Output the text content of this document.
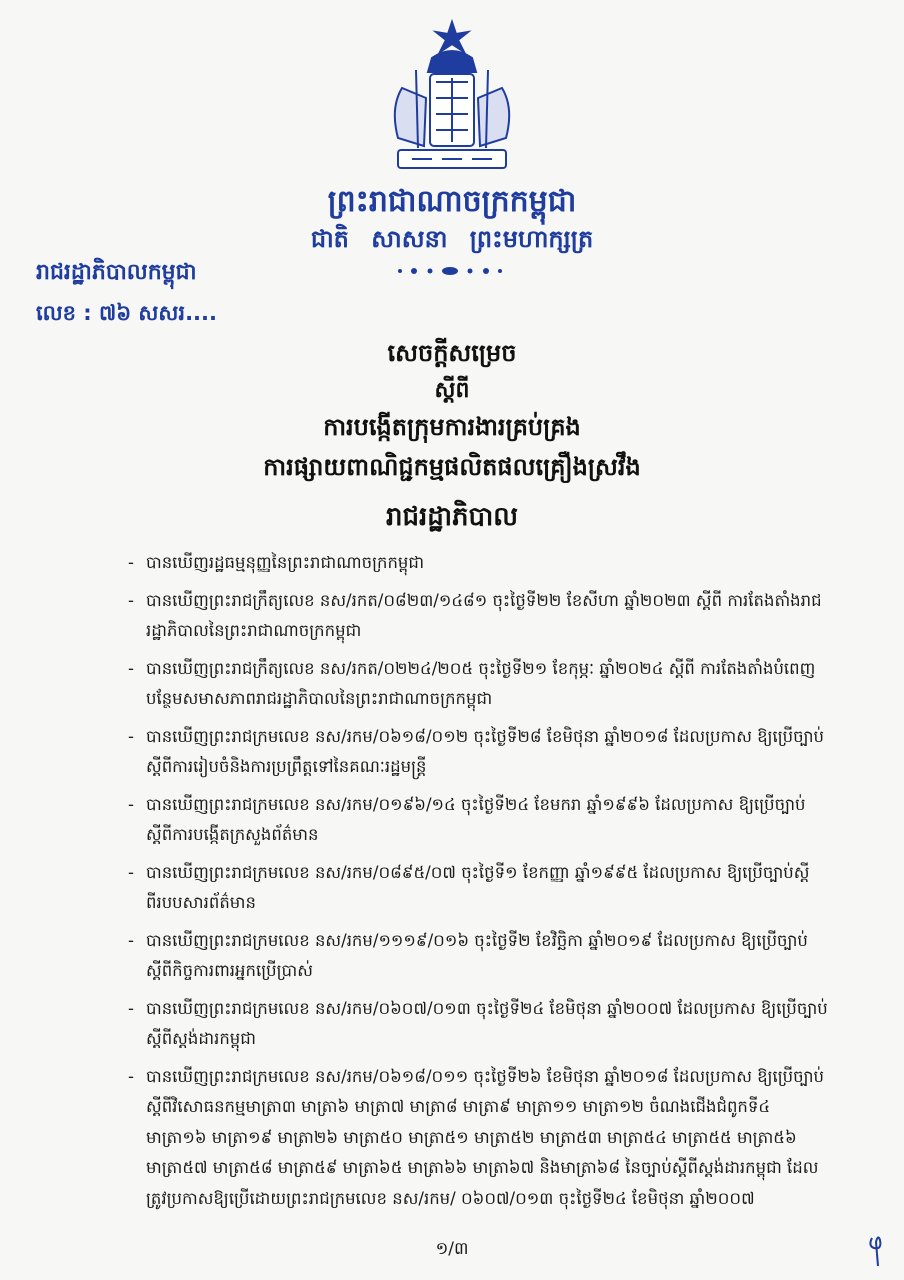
ព្រះរាជាណាចក្រកម្ពុជា
ជាតិ សាសនា ព្រះមហាក្សត្រ
រាជរដ្ឋាភិបាលកម្ពុជា
លេខ : ៧៦ សសរ....
សេចក្តីសម្រេច
ស្តីពី
ការបង្កើតក្រុមការងារគ្រប់គ្រង
ការផ្សាយពាណិជ្ជកម្មផលិតផលគ្រឿងស្រវឹង
រាជរដ្ឋាភិបាល
- បានឃើញរដ្ឋធម្មនុញ្ញនៃព្រះរាជាណាចក្រកម្ពុជា
- បានឃើញព្រះរាជក្រឹត្យលេខ នស/រកត/០៨២៣/១៤៨១ ចុះថ្ងៃទី២២ ខែសីហា ឆ្នាំ២០២៣ ស្តីពី ការតែងតាំងរាជរដ្ឋាភិបាលនៃព្រះរាជាណាចក្រកម្ពុជា
- បានឃើញព្រះរាជក្រឹត្យលេខ នស/រកត/០២២៤/២០៥ ចុះថ្ងៃទី២១ ខែកុម្ភៈ ឆ្នាំ២០២៤ ស្តីពី ការតែងតាំងបំពេញបន្ថែមសមាសភាពរាជរដ្ឋាភិបាលនៃព្រះរាជាណាចក្រកម្ពុជា
- បានឃើញព្រះរាជក្រមលេខ នស/រកម/០៦១៨/០១២ ចុះថ្ងៃទី២៨ ខែមិថុនា ឆ្នាំ២០១៨ ដែលប្រកាស ឱ្យប្រើច្បាប់ស្តីពីការរៀបចំនិងការប្រព្រឹត្តទៅនៃគណៈរដ្ឋមន្ត្រី
- បានឃើញព្រះរាជក្រមលេខ នស/រកម/០១៩៦/១៤ ចុះថ្ងៃទី២៤ ខែមករា ឆ្នាំ១៩៩៦ ដែលប្រកាស ឱ្យប្រើច្បាប់ស្តីពីការបង្កើតក្រសួងព័ត៌មាន
- បានឃើញព្រះរាជក្រមលេខ នស/រកម/០៨៩៥/០៧ ចុះថ្ងៃទី១ ខែកញ្ញា ឆ្នាំ១៩៩៥ ដែលប្រកាស ឱ្យប្រើច្បាប់ស្តីពីរបបសារព័ត៌មាន
- បានឃើញព្រះរាជក្រមលេខ នស/រកម/១១១៩/០១៦ ចុះថ្ងៃទី២ ខែវិច្ឆិកា ឆ្នាំ២០១៩ ដែលប្រកាស ឱ្យប្រើច្បាប់ស្តីពីកិច្ចការពារអ្នកប្រើប្រាស់
- បានឃើញព្រះរាជក្រមលេខ នស/រកម/០៦០៧/០១៣ ចុះថ្ងៃទី២៤ ខែមិថុនា ឆ្នាំ២០០៧ ដែលប្រកាស ឱ្យប្រើច្បាប់ស្តីពីស្តង់ដារកម្ពុជា
- បានឃើញព្រះរាជក្រមលេខ នស/រកម/០៦១៨/០១១ ចុះថ្ងៃទី២៦ ខែមិថុនា ឆ្នាំ២០១៨ ដែលប្រកាស ឱ្យប្រើច្បាប់ស្តីពីវិសោធនកម្មមាត្រា៣ មាត្រា៦ មាត្រា៧ មាត្រា៨ មាត្រា៩ មាត្រា១១ មាត្រា១២ ចំណងជើងជំពូកទី៤ មាត្រា១៦ មាត្រា១៩ មាត្រា២៦ មាត្រា៥០ មាត្រា៥១ មាត្រា៥២ មាត្រា៥៣ មាត្រា៥៤ មាត្រា៥៥ មាត្រា៥៦ មាត្រា៥៧ មាត្រា៥៨ មាត្រា៥៩ មាត្រា៦៥ មាត្រា៦៦ មាត្រា៦៧ និងមាត្រា៦៨ នៃច្បាប់ស្តីពីស្តង់ដារកម្ពុជា ដែលត្រូវប្រកាសឱ្យប្រើដោយព្រះរាជក្រមលេខ នស/រកម/ ០៦០៧/០១៣ ចុះថ្ងៃទី២៤ ខែមិថុនា ឆ្នាំ២០០៧
១/៣
